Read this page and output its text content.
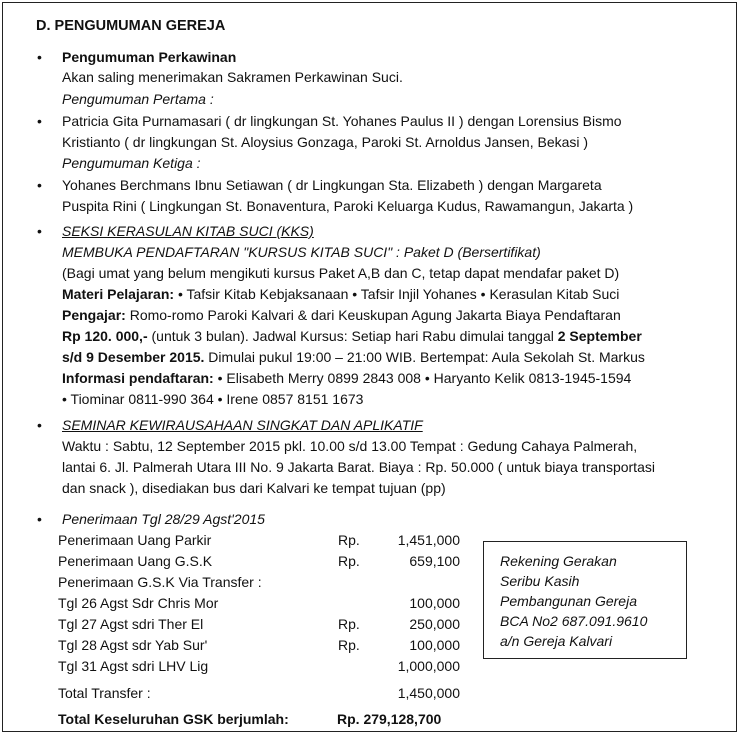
D. PENGUMUMAN GEREJA
• Pengumuman Perkawinan
Akan saling menerimakan Sakramen Perkawinan Suci.
Pengumuman Pertama :
• Patricia Gita Purnamasari ( dr lingkungan St. Yohanes Paulus II ) dengan Lorensius Bismo
Kristianto ( dr lingkungan St. Aloysius Gonzaga, Paroki St. Arnoldus Jansen, Bekasi )
Pengumuman Ketiga :
• Yohanes Berchmans Ibnu Setiawan ( dr Lingkungan Sta. Elizabeth ) dengan Margareta
Puspita Rini ( Lingkungan St. Bonaventura, Paroki Keluarga Kudus, Rawamangun, Jakarta )
• SEKSI KERASULAN KITAB SUCI (KKS)
MEMBUKA PENDAFTARAN "KURSUS KITAB SUCI" : Paket D (Bersertifikat)
(Bagi umat yang belum mengikuti kursus Paket A,B dan C, tetap dapat mendafar paket D)
Materi Pelajaran: • Tafsir Kitab Kebjaksanaan • Tafsir Injil Yohanes • Kerasulan Kitab Suci
Pengajar: Romo-romo Paroki Kalvari & dari Keuskupan Agung Jakarta Biaya Pendaftaran
Rp 120. 000,- (untuk 3 bulan). Jadwal Kursus: Setiap hari Rabu dimulai tanggal 2 September
s/d 9 Desember 2015. Dimulai pukul 19:00 – 21:00 WIB. Bertempat: Aula Sekolah St. Markus
Informasi pendaftaran: • Elisabeth Merry 0899 2843 008 • Haryanto Kelik 0813-1945-1594
• Tiominar 0811-990 364 • Irene 0857 8151 1673
• SEMINAR KEWIRAUSAHAAN SINGKAT DAN APLIKATIF
Waktu : Sabtu, 12 September 2015 pkl. 10.00 s/d 13.00 Tempat : Gedung Cahaya Palmerah,
lantai 6. Jl. Palmerah Utara III No. 9 Jakarta Barat. Biaya : Rp. 50.000 ( untuk biaya transportasi
dan snack ), disediakan bus dari Kalvari ke tempat tujuan (pp)
• Penerimaan Tgl 28/29 Agst'2015
Penerimaan Uang Parkir	Rp.	1,451,000
Penerimaan Uang G.S.K	Rp.	659,100
Penerimaan G.S.K Via Transfer :
Tgl 26 Agst Sdr Chris Mor	100,000
Tgl 27 Agst sdri Ther El	Rp.	250,000
Tgl 28 Agst sdr Yab Sur'	Rp.	100,000
Tgl 31 Agst sdri LHV Lig	1,000,000
Total Transfer :	1,450,000
Total Keseluruhan GSK berjumlah:	Rp. 279,128,700
Rekening Gerakan
Seribu Kasih
Pembangunan Gereja
BCA No2 687.091.9610
a/n Gereja Kalvari
